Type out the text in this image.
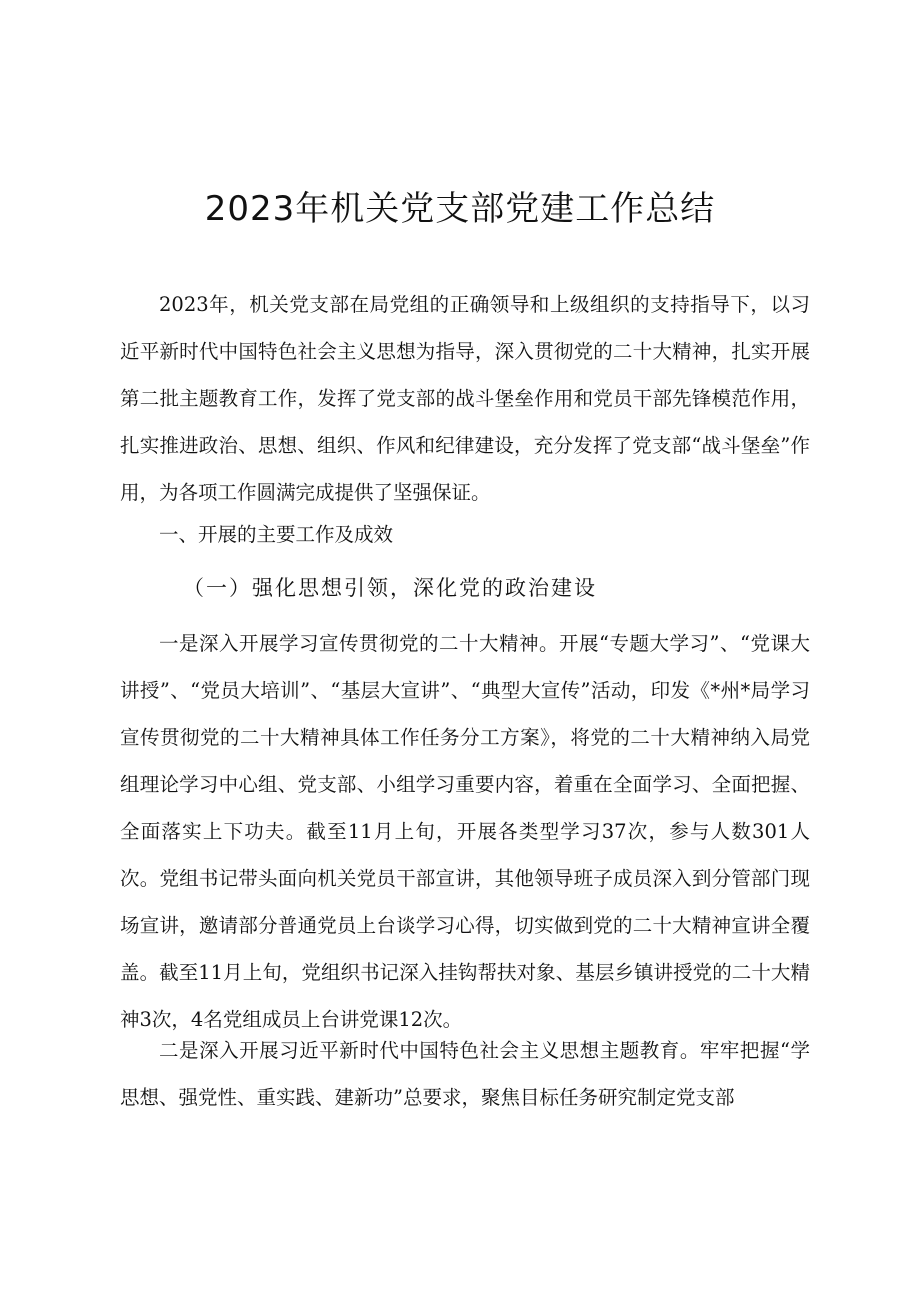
2023年机关党支部党建工作总结

2023年，机关党支部在局党组的正确领导和上级组织的支持指导下，以习近平新时代中国特色社会主义思想为指导，深入贯彻党的二十大精神，扎实开展第二批主题教育工作，发挥了党支部的战斗堡垒作用和党员干部先锋模范作用，扎实推进政治、思想、组织、作风和纪律建设，充分发挥了党支部“战斗堡垒”作用，为各项工作圆满完成提供了坚强保证。

一、开展的主要工作及成效

（一）强化思想引领，深化党的政治建设

一是深入开展学习宣传贯彻党的二十大精神。开展“专题大学习”、“党课大讲授”、“党员大培训”、“基层大宣讲”、“典型大宣传”活动，印发《*州*局学习宣传贯彻党的二十大精神具体工作任务分工方案》，将党的二十大精神纳入局党组理论学习中心组、党支部、小组学习重要内容，着重在全面学习、全面把握、全面落实上下功夫。截至11月上旬，开展各类型学习37次，参与人数301人次。党组书记带头面向机关党员干部宣讲，其他领导班子成员深入到分管部门现场宣讲，邀请部分普通党员上台谈学习心得，切实做到党的二十大精神宣讲全覆盖。截至11月上旬，党组织书记深入挂钩帮扶对象、基层乡镇讲授党的二十大精神3次，4名党组成员上台讲党课12次。

二是深入开展习近平新时代中国特色社会主义思想主题教育。牢牢把握“学思想、强党性、重实践、建新功”总要求，聚焦目标任务研究制定党支部
